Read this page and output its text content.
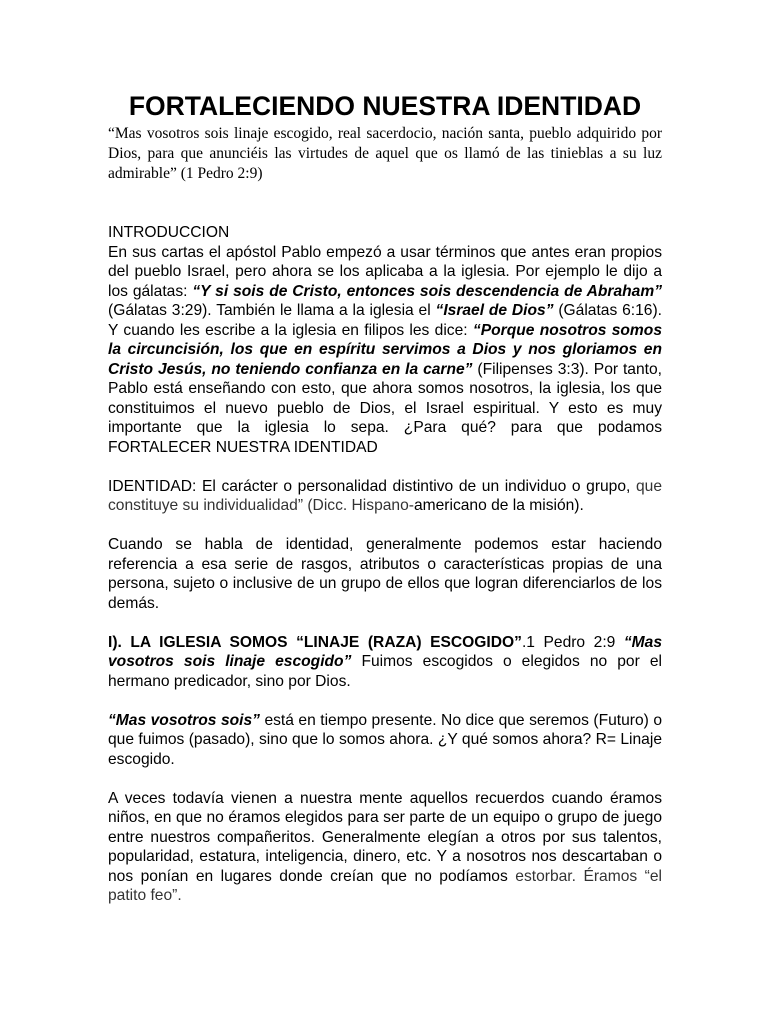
FORTALECIENDO NUESTRA IDENTIDAD

“Mas vosotros sois linaje escogido, real sacerdocio, nación santa, pueblo adquirido por Dios, para que anunciéis las virtudes de aquel que os llamó de las tinieblas a su luz admirable” (1 Pedro 2:9)

INTRODUCCION

En sus cartas el apóstol Pablo empezó a usar términos que antes eran propios del pueblo Israel, pero ahora se los aplicaba a la iglesia. Por ejemplo le dijo a los gálatas: “Y si sois de Cristo, entonces sois descendencia de Abraham” (Gálatas 3:29). También le llama a la iglesia el “Israel de Dios” (Gálatas 6:16). Y cuando les escribe a la iglesia en filipos les dice: “Porque nosotros somos la circuncisión, los que en espíritu servimos a Dios y nos gloriamos en Cristo Jesús, no teniendo confianza en la carne” (Filipenses 3:3). Por tanto, Pablo está enseñando con esto, que ahora somos nosotros, la iglesia, los que constituimos el nuevo pueblo de Dios, el Israel espiritual. Y esto es muy importante que la iglesia lo sepa. ¿Para qué? para que podamos FORTALECER NUESTRA IDENTIDAD

IDENTIDAD: El carácter o personalidad distintivo de un individuo o grupo, que constituye su individualidad” (Dicc. Hispano-americano de la misión).

Cuando se habla de identidad, generalmente podemos estar haciendo referencia a esa serie de rasgos, atributos o características propias de una persona, sujeto o inclusive de un grupo de ellos que logran diferenciarlos de los demás.

I). LA IGLESIA SOMOS “LINAJE (RAZA) ESCOGIDO”.1 Pedro 2:9 “Mas vosotros sois linaje escogido” Fuimos escogidos o elegidos no por el hermano predicador, sino por Dios.

“Mas vosotros sois” está en tiempo presente. No dice que seremos (Futuro) o que fuimos (pasado), sino que lo somos ahora. ¿Y qué somos ahora? R= Linaje escogido.

A veces todavía vienen a nuestra mente aquellos recuerdos cuando éramos niños, en que no éramos elegidos para ser parte de un equipo o grupo de juego entre nuestros compañeritos. Generalmente elegían a otros por sus talentos, popularidad, estatura, inteligencia, dinero, etc. Y a nosotros nos descartaban o nos ponían en lugares donde creían que no podíamos estorbar. Éramos “el patito feo”.
